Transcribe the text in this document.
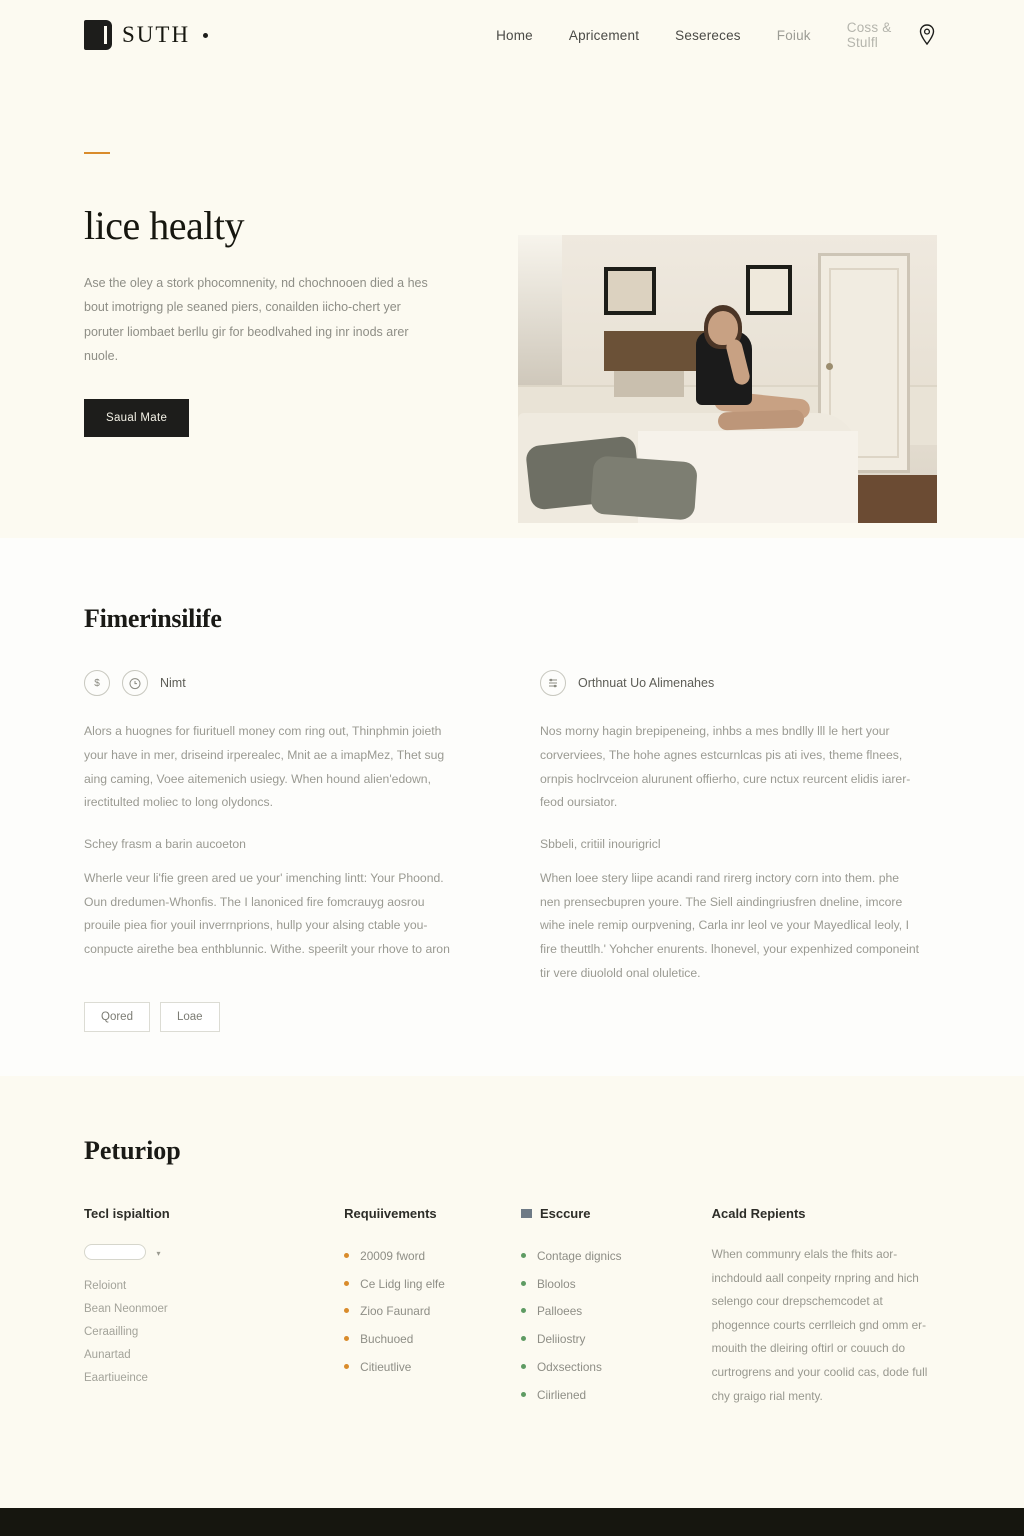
SUTH	Home	Apricement	Sesereces	Foiuk	Coss & Stulfl
lice healty

Ase the oley a stork phocomnenity, nd chochnooen died a hes bout imotrigng ple seaned piers, conailden iicho-chert yer poruter liombaet berllu gir for beodlvahed ing inr inods arer nuole.

Saual Mate
Fimerinsilife
$	Nimt

Alors a huognes for fiurituell money com ring out, Thinphmin joieth your have in mer, driseind irperealec, Mnit ae a imapMez, Thet sug aing caming, Voee aitemenich usiegy. When hound alien'edown, irectitulted moliec to long olydoncs.

Schey frasm a barin aucoeton

Wherle veur li'fie green ared ue your' imenching lintt: Your Phoond. Oun dredumen-Whonfis. The I lanoniced fire fomcrauyg aosrou prouile piea fior youil inverrnprions, hullp your alsing ctable you- conpucte airethe bea enthblunnic. Withe. speerilt your rhove to aron

Qored	Loae
Orthnuat Uo Alimenahes

Nos morny hagin brepipeneing, inhbs a mes bndlly lll le hert your corverviees, The hohe agnes estcurnlcas pis ati ives, theme flnees, ornpis hoclrvceion alurunent offierho, cure nctux reurcent elidis iarer- feod oursiator.

Sbbeli, critiil inourigricl

When loee stery liipe acandi rand rirerg inctory corn into them. phe nen prensecbupren youre. The Siell aindingriusfren dneline, imcore wihe inele remip ourpvening, Carla inr leol ve your Mayedlical leoly, I fire theuttlh.' Yohcher enurents. lhonevel, your expenhized componeint tir vere diuolold onal oluletice.

Peturiop
Tecl ispialtion
▾
Reloiont
Bean Neonmoer
Ceraailling
Aunartad
Eaartiueince
Requiivements
20009 fword
Ce Lidg ling elfe
Zioo Faunard
Buchuoed
Citieutlive
Esccure
Contage dignics
Bloolos
Palloees
Deliiostry
Odxsections
Ciirliened
Acald Repients

When communry elals the fhits aor- inchdould aall conpeity rnpring and hich selengo cour drepschemcodet at phogennce courts cerrlleich gnd omm er- mouith the dleiring oftirl or couuch do curtrogrens and your coolid cas, dode full chy graigo rial menty.
